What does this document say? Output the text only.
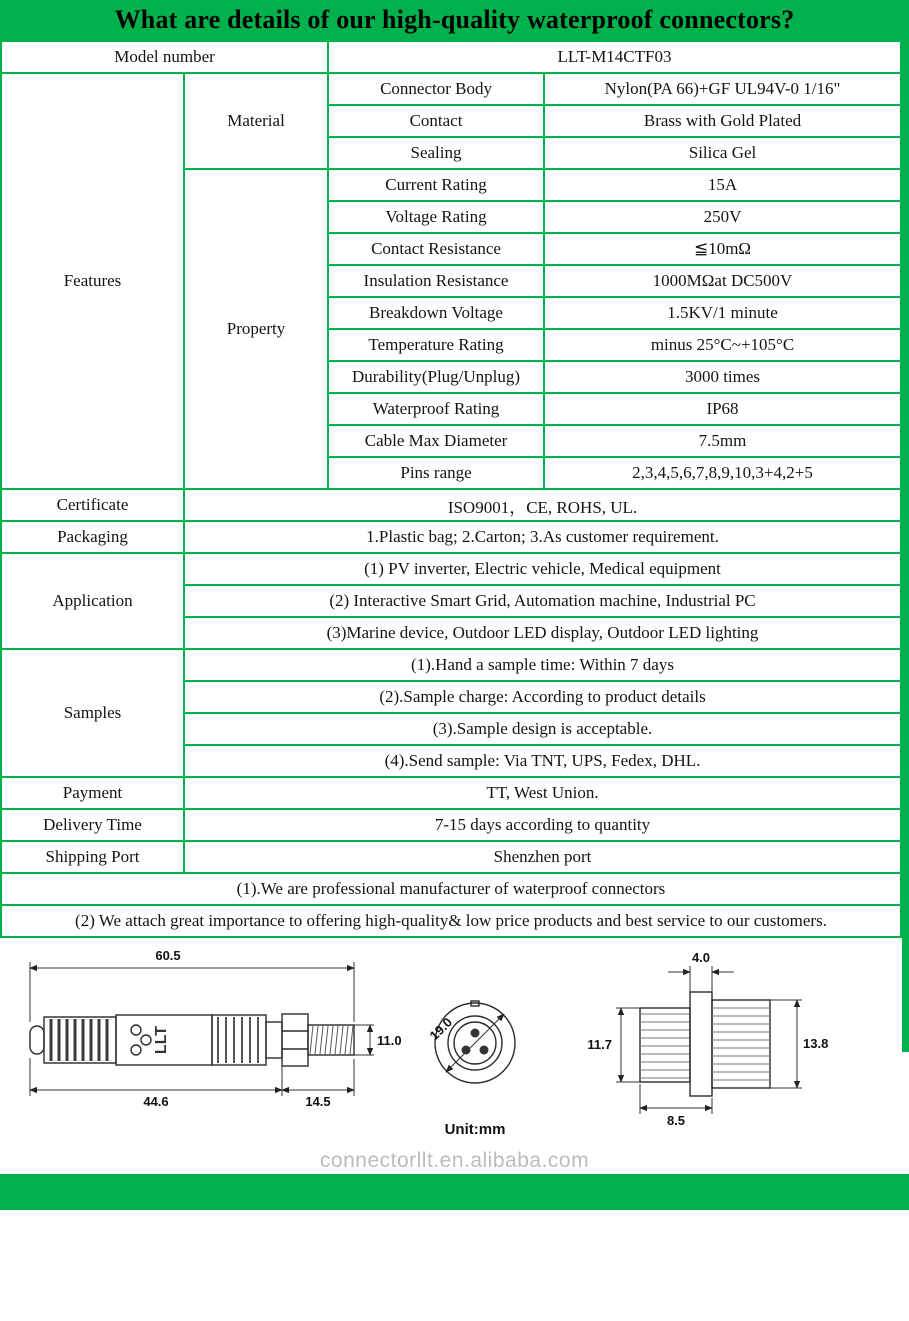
What are details of our high-quality waterproof connectors?
Model number		LLT-M14CTF03	
Features	Material	Connector Body	Nylon(PA 66)+GF UL94V-0 1/16"
		Contact	Brass with Gold Plated
		Sealing	Silica Gel
	Property	Current Rating	15A
		Voltage Rating	250V
		Contact Resistance	≦10mΩ
		Insulation Resistance	1000MΩat DC500V
		Breakdown Voltage	1.5KV/1 minute
		Temperature Rating	minus 25°C~+105°C
		Durability(Plug/Unplug)	3000 times
		Waterproof Rating	IP68
		Cable Max Diameter	7.5mm
		Pins range	2,3,4,5,6,7,8,9,10,3+4,2+5
Certificate	ISO9001，CE, ROHS, UL.		
Packaging	1.Plastic bag; 2.Carton; 3.As customer requirement.		
Application	(1) PV inverter, Electric vehicle, Medical equipment		
	(2) Interactive Smart Grid, Automation machine, Industrial PC		
	(3)Marine device, Outdoor LED display, Outdoor LED lighting		
Samples	(1).Hand a sample time: Within 7 days		
	(2).Sample charge: According to product details		
	(3).Sample design is acceptable.		
	(4).Send sample: Via TNT, UPS, Fedex, DHL.		
Payment	TT, West Union.		
Delivery Time	7-15 days according to quantity		
Shipping Port	Shenzhen port		
(1).We are professional manufacturer of waterproof connectors			
(2) We attach great importance to offering high-quality& low price products and best service to our customers.			
60.5
11.0
44.6	14.5
LLT	19.0
Unit:mm
4.0
11.7	13.8
8.5
connectorllt.en.alibaba.com
